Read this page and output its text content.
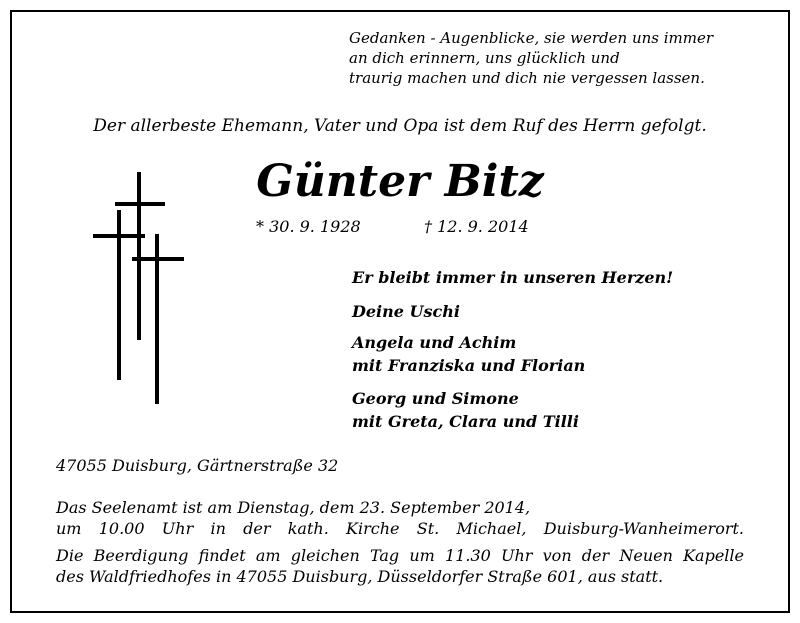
Gedanken - Augenblicke, sie werden uns immer
an dich erinnern, uns glücklich und
traurig machen und dich nie vergessen lassen.
Der allerbeste Ehemann, Vater und Opa ist dem Ruf des Herrn gefolgt.
Günter Bitz
* 30. 9. 1928	† 12. 9. 2014
Er bleibt immer in unseren Herzen!
Deine Uschi
Angela und Achim
mit Franziska und Florian
Georg und Simone
mit Greta, Clara und Tilli
47055 Duisburg, Gärtnerstraße 32

Das Seelenamt ist am Dienstag, dem 23. September 2014,
um 10.00 Uhr in der kath. Kirche St. Michael, Duisburg-Wanheimerort.

Die Beerdigung findet am gleichen Tag um 11.30 Uhr von der Neuen Kapelle
des Waldfriedhofes in 47055 Duisburg, Düsseldorfer Straße 601, aus statt.
